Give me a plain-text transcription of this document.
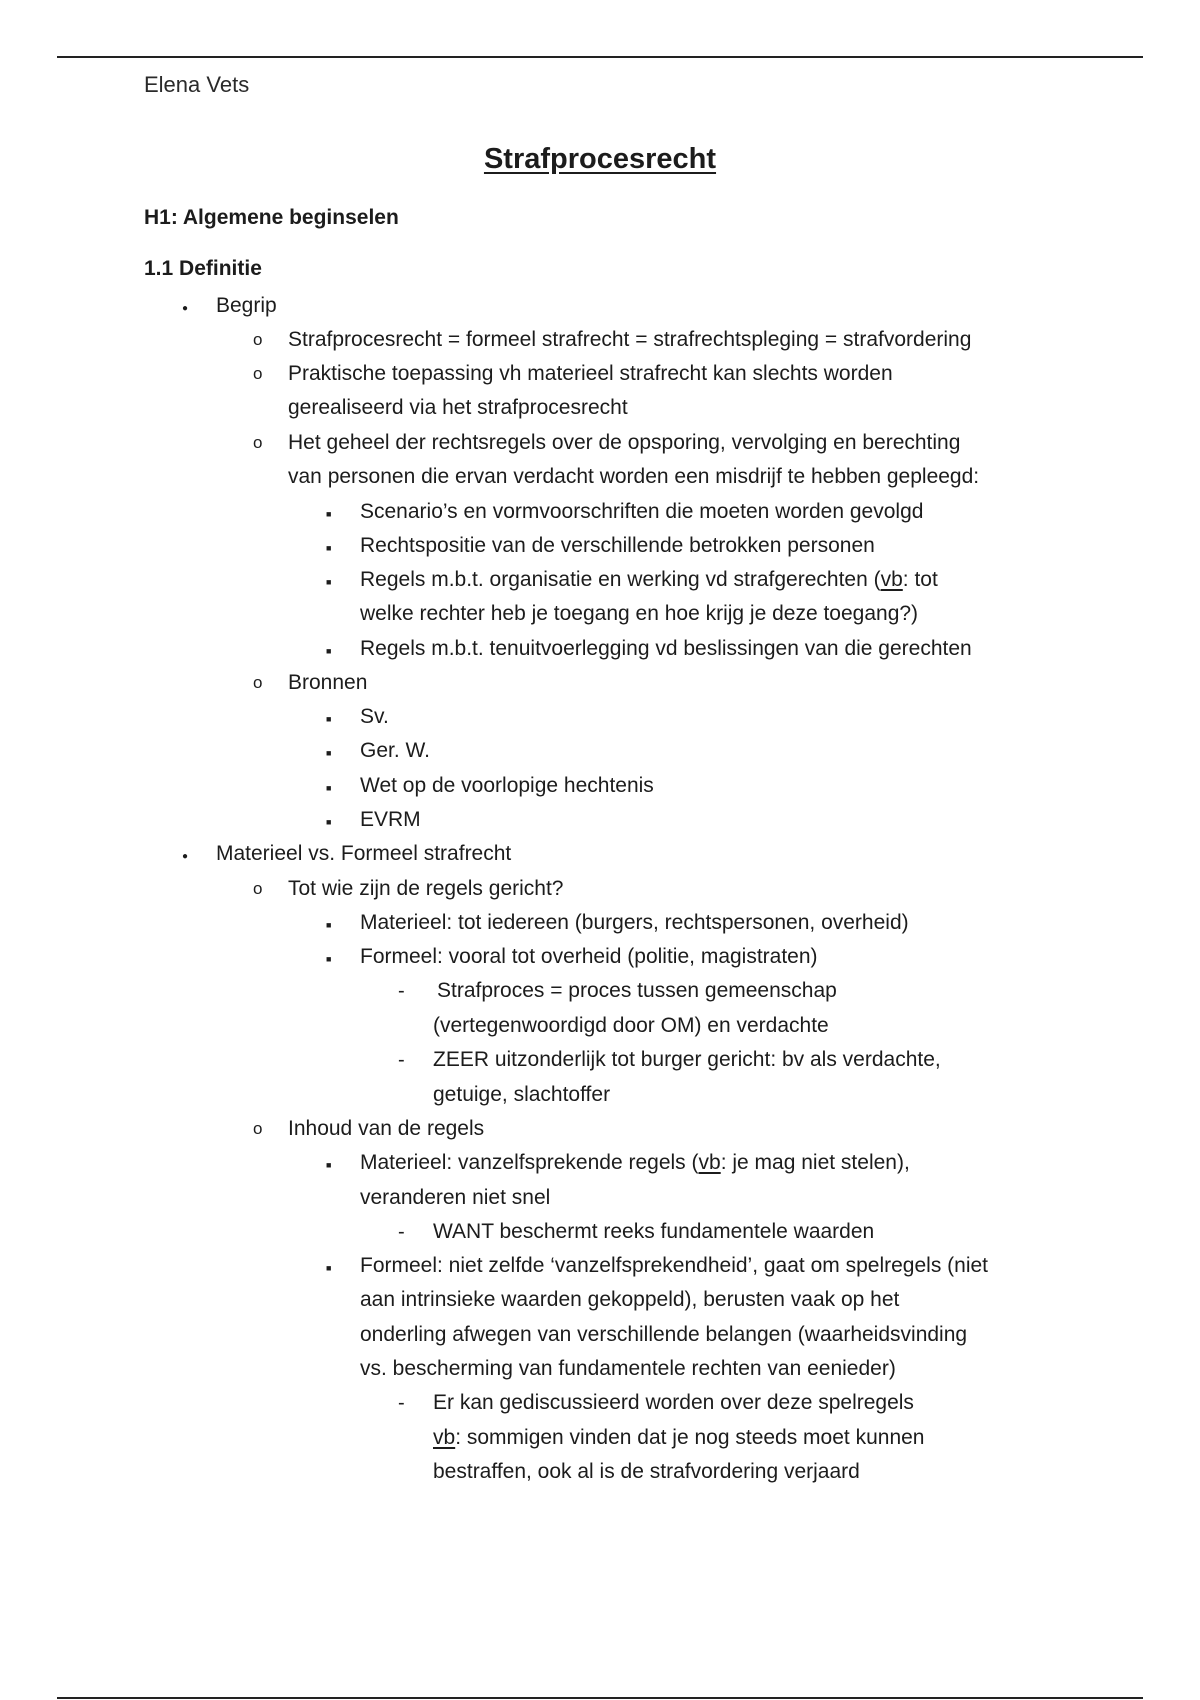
Elena Vets
Strafprocesrecht
H1: Algemene beginselen
1.1 Definitie
●
Begrip
o
Strafprocesrecht = formeel strafrecht = strafrechtspleging = strafvordering
o
Praktische toepassing vh materieel strafrecht kan slechts worden
gerealiseerd via het strafprocesrecht
o
Het geheel der rechtsregels over de opsporing, vervolging en berechting
van personen die ervan verdacht worden een misdrijf te hebben gepleegd:
■
Scenario’s en vormvoorschriften die moeten worden gevolgd
■
Rechtspositie van de verschillende betrokken personen
■
Regels m.b.t. organisatie en werking vd strafgerechten (vb: tot
welke rechter heb je toegang en hoe krijg je deze toegang?)
■
Regels m.b.t. tenuitvoerlegging vd beslissingen van die gerechten
o
Bronnen
■
Sv.
■
Ger. W.
■
Wet op de voorlopige hechtenis
■
EVRM
●
Materieel vs. Formeel strafrecht
o
Tot wie zijn de regels gericht?
■
Materieel: tot iedereen (burgers, rechtspersonen, overheid)
■
Formeel: vooral tot overheid (politie, magistraten)
-
Strafproces = proces tussen gemeenschap
(vertegenwoordigd door OM) en verdachte
-
ZEER uitzonderlijk tot burger gericht: bv als verdachte,
getuige, slachtoffer
o
Inhoud van de regels
■
Materieel: vanzelfsprekende regels (vb: je mag niet stelen),
veranderen niet snel
-
WANT beschermt reeks fundamentele waarden
■
Formeel: niet zelfde ‘vanzelfsprekendheid’, gaat om spelregels (niet
aan intrinsieke waarden gekoppeld), berusten vaak op het
onderling afwegen van verschillende belangen (waarheidsvinding
vs. bescherming van fundamentele rechten van eenieder)
-
Er kan gediscussieerd worden over deze spelregels
vb: sommigen vinden dat je nog steeds moet kunnen
bestraffen, ook al is de strafvordering verjaard
